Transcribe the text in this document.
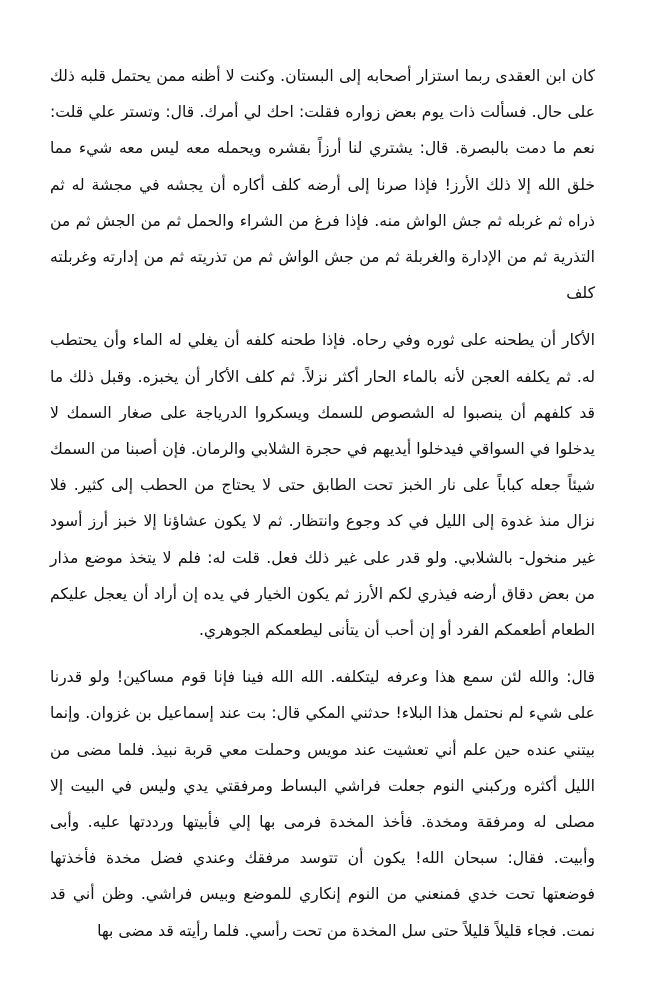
كان ابن العقدى ربما استزار أصحابه إلى البستان. وكنت لا أظنه ممن يحتمل قلبه ذلك على حال. فسألت ذات يوم بعض زواره فقلت: احك لي أمرك. قال: وتستر علي قلت: نعم ما دمت بالبصرة. قال: يشتري لنا أرزاً بقشره ويحمله معه ليس معه شيء مما خلق الله إلا ذلك الأرز! فإذا صرنا إلى أرضه كلف أكاره أن يجشه في مجشة له ثم ذراه ثم غربله ثم جش الواش منه. فإذا فرغ من الشراء والحمل ثم من الجش ثم من التذرية ثم من الإدارة والغربلة ثم من جش الواش ثم من تذريته ثم من إدارته وغربلته كلف

الأكار أن يطحنه على ثوره وفي رحاه. فإذا طحنه كلفه أن يغلي له الماء وأن يحتطب له. ثم يكلفه العجن لأنه بالماء الحار أكثر نزلاً. ثم كلف الأكار أن يخبزه. وقبل ذلك ما قد كلفهم أن ينصبوا له الشصوص للسمك ويسكروا الدرياجة على صغار السمك لا يدخلوا في السواقي فيدخلوا أيديهم في حجرة الشلابي والرمان. فإن أصبنا من السمك شيئاً جعله كباباً على نار الخبز تحت الطابق حتى لا يحتاج من الحطب إلى كثير. فلا نزال منذ غدوة إلى الليل في كد وجوع وانتظار. ثم لا يكون عشاؤنا إلا خبز أرز أسود غير منخول- بالشلابي. ولو قدر على غير ذلك فعل. قلت له: فلم لا يتخذ موضع مذار من بعض دقاق أرضه فيذري لكم الأرز ثم يكون الخيار في يده إن أراد أن يعجل عليكم الطعام أطعمكم الفرد أو إن أحب أن يتأنى ليطعمكم الجوهري.

قال: والله لئن سمع هذا وعرفه ليتكلفه. الله الله فينا فإنا قوم مساكين! ولو قدرنا على شيء لم نحتمل هذا البلاء! حدثني المكي قال: بت عند إسماعيل بن غزوان. وإنما بيتني عنده حين علم أني تعشيت عند مويس وحملت معي قربة نبيذ. فلما مضى من الليل أكثره وركبني النوم جعلت فراشي البساط ومرفقتي يدي وليس في البيت إلا مصلى له ومرفقة ومخدة. فأخذ المخدة فرمى بها إلي فأبيتها ورددتها عليه. وأبى وأبيت. فقال: سبحان الله! يكون أن تتوسد مرفقك وعندي فضل مخدة فأخذتها فوضعتها تحت خدي فمنعني من النوم إنكاري للموضع وبيس فراشي. وظن أني قد نمت. فجاء قليلاً قليلاً حتى سل المخدة من تحت رأسي. فلما رأيته قد مضى بها
